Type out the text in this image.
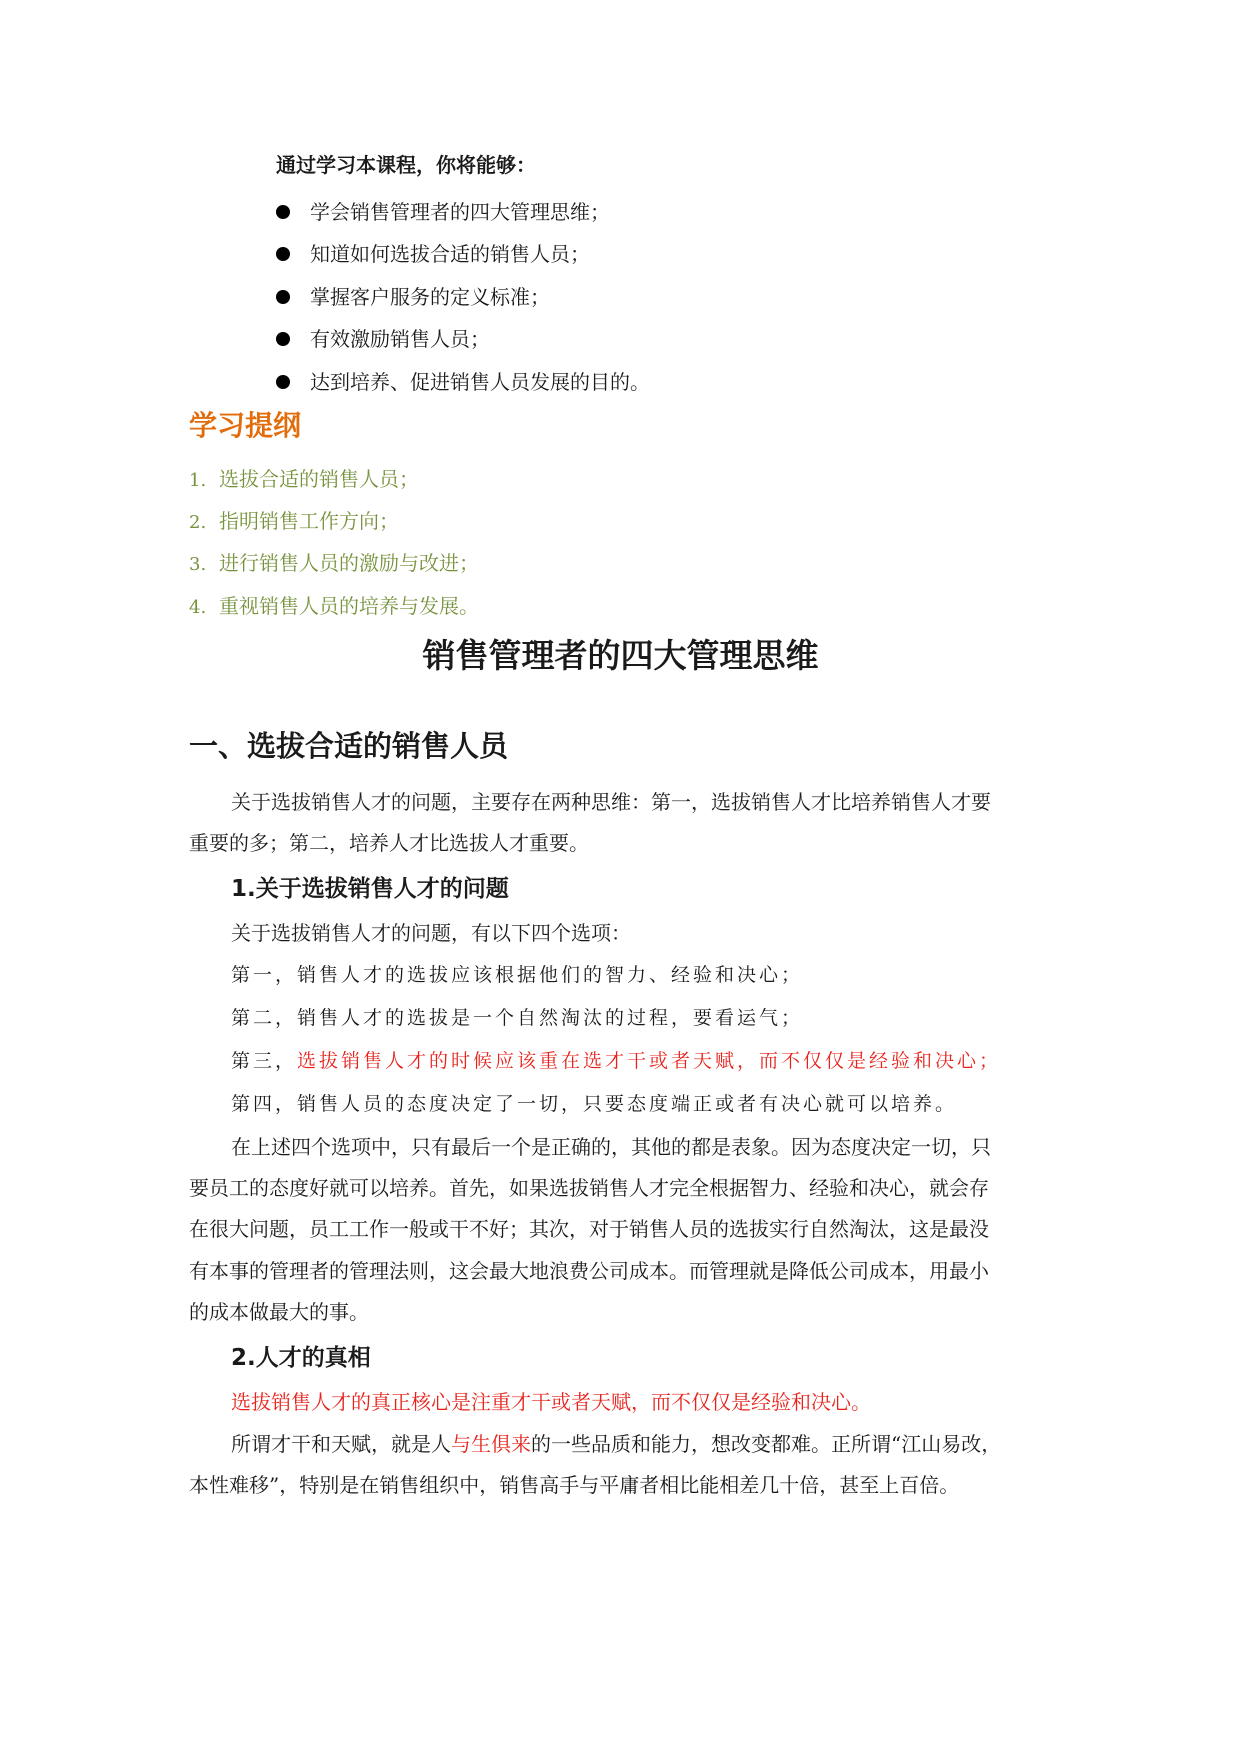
通过学习本课程，你将能够：
学会销售管理者的四大管理思维；
知道如何选拔合适的销售人员；
掌握客户服务的定义标准；
有效激励销售人员；
达到培养、促进销售人员发展的目的。
学习提纲
1. 选拔合适的销售人员；
2. 指明销售工作方向；
3. 进行销售人员的激励与改进；
4. 重视销售人员的培养与发展。
销售管理者的四大管理思维
一、选拔合适的销售人员
关于选拔销售人才的问题，主要存在两种思维：第一，选拔销售人才比培养销售人才要
重要的多；第二，培养人才比选拔人才重要。
1.关于选拔销售人才的问题
关于选拔销售人才的问题，有以下四个选项：
第一，销售人才的选拔应该根据他们的智力、经验和决心；
第二，销售人才的选拔是一个自然淘汰的过程，要看运气；
第三，选拔销售人才的时候应该重在选才干或者天赋，而不仅仅是经验和决心；
第四，销售人员的态度决定了一切，只要态度端正或者有决心就可以培养。
在上述四个选项中，只有最后一个是正确的，其他的都是表象。因为态度决定一切，只
要员工的态度好就可以培养。首先，如果选拔销售人才完全根据智力、经验和决心，就会存
在很大问题，员工工作一般或干不好；其次，对于销售人员的选拔实行自然淘汰，这是最没
有本事的管理者的管理法则，这会最大地浪费公司成本。而管理就是降低公司成本，用最小
的成本做最大的事。
2.人才的真相
选拔销售人才的真正核心是注重才干或者天赋，而不仅仅是经验和决心。
所谓才干和天赋，就是人与生俱来的一些品质和能力，想改变都难。正所谓“江山易改，
本性难移”，特别是在销售组织中，销售高手与平庸者相比能相差几十倍，甚至上百倍。
